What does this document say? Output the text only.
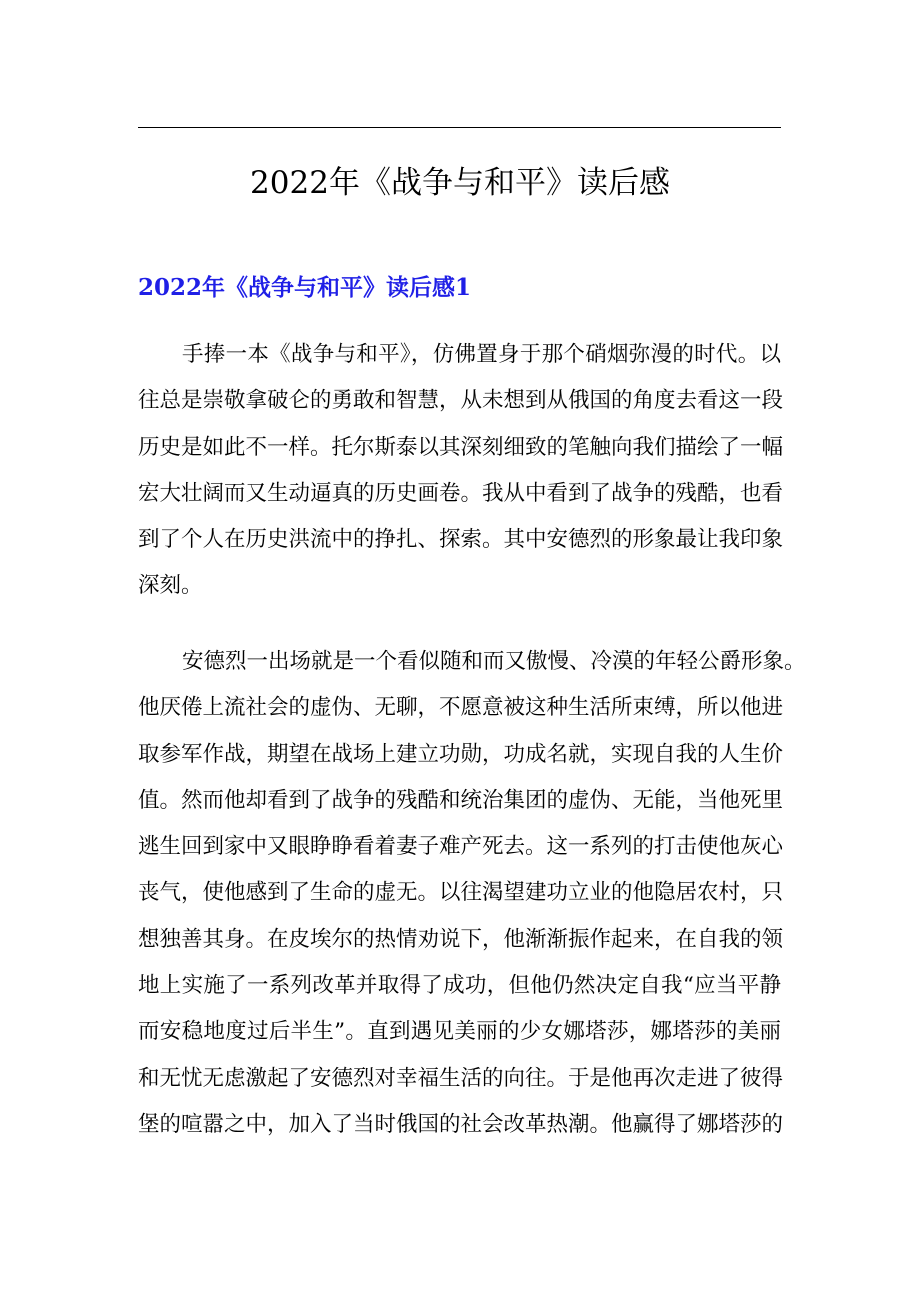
2022年《战争与和平》读后感
2022年《战争与和平》读后感1
手捧一本《战争与和平》，仿佛置身于那个硝烟弥漫的时代。以
往总是崇敬拿破仑的勇敢和智慧，从未想到从俄国的角度去看这一段
历史是如此不一样。托尔斯泰以其深刻细致的笔触向我们描绘了一幅
宏大壮阔而又生动逼真的历史画卷。我从中看到了战争的残酷，也看
到了个人在历史洪流中的挣扎、探索。其中安德烈的形象最让我印象
深刻。
安德烈一出场就是一个看似随和而又傲慢、冷漠的年轻公爵形象。
他厌倦上流社会的虚伪、无聊，不愿意被这种生活所束缚，所以他进
取参军作战，期望在战场上建立功勋，功成名就，实现自我的人生价
值。然而他却看到了战争的残酷和统治集团的虚伪、无能，当他死里
逃生回到家中又眼睁睁看着妻子难产死去。这一系列的打击使他灰心
丧气，使他感到了生命的虚无。以往渴望建功立业的他隐居农村，只
想独善其身。在皮埃尔的热情劝说下，他渐渐振作起来，在自我的领
地上实施了一系列改革并取得了成功，但他仍然决定自我“应当平静
而安稳地度过后半生”。直到遇见美丽的少女娜塔莎，娜塔莎的美丽
和无忧无虑激起了安德烈对幸福生活的向往。于是他再次走进了彼得
堡的喧嚣之中，加入了当时俄国的社会改革热潮。他赢得了娜塔莎的
